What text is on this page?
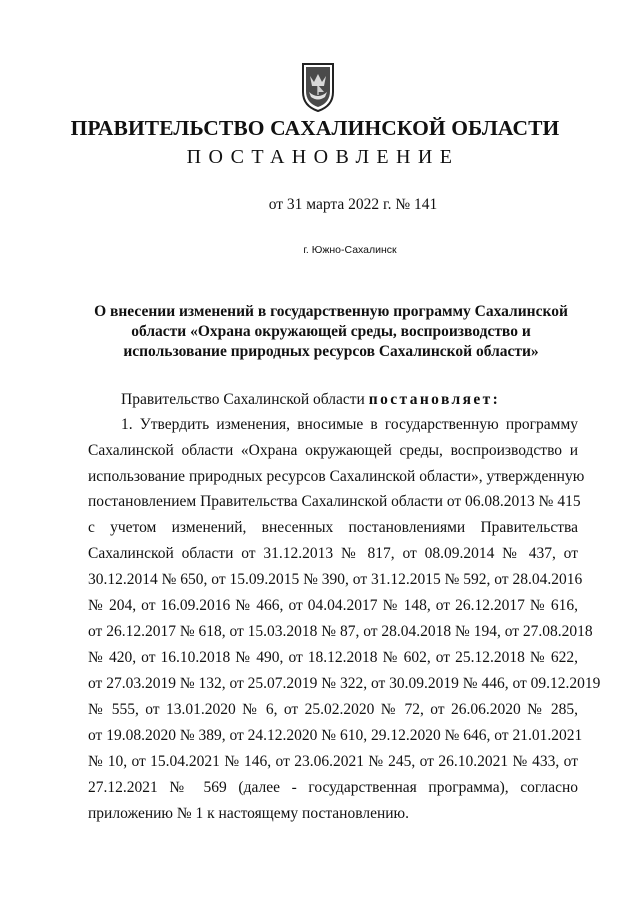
ПРАВИТЕЛЬСТВО САХАЛИНСКОЙ ОБЛАСТИ
ПОСТАНОВЛЕНИЕ
от 31 марта 2022 г. № 141
г. Южно-Сахалинск
О внесении изменений в государственную программу Сахалинской
области «Охрана окружающей среды, воспроизводство и
использование природных ресурсов Сахалинской области»
Правительство Сахалинской области постановляет:
1. Утвердить изменения, вносимые в государственную программу
Сахалинской области «Охрана окружающей среды, воспроизводство и
использование природных ресурсов Сахалинской области», утвержденную
постановлением Правительства Сахалинской области от 06.08.2013 № 415
с учетом изменений, внесенных постановлениями Правительства
Сахалинской области от 31.12.2013 № 817, от 08.09.2014 № 437, от
30.12.2014 № 650, от 15.09.2015 № 390, от 31.12.2015 № 592, от 28.04.2016
№ 204, от 16.09.2016 № 466, от 04.04.2017 № 148, от 26.12.2017 № 616,
от 26.12.2017 № 618, от 15.03.2018 № 87, от 28.04.2018 № 194, от 27.08.2018
№ 420, от 16.10.2018 № 490, от 18.12.2018 № 602, от 25.12.2018 № 622,
от 27.03.2019 № 132, от 25.07.2019 № 322, от 30.09.2019 № 446, от 09.12.2019
№ 555, от 13.01.2020 № 6, от 25.02.2020 № 72, от 26.06.2020 № 285,
от 19.08.2020 № 389, от 24.12.2020 № 610, 29.12.2020 № 646, от 21.01.2021
№ 10, от 15.04.2021 № 146, от 23.06.2021 № 245, от 26.10.2021 № 433, от
27.12.2021 № 569 (далее - государственная программа), согласно
приложению № 1 к настоящему постановлению.
